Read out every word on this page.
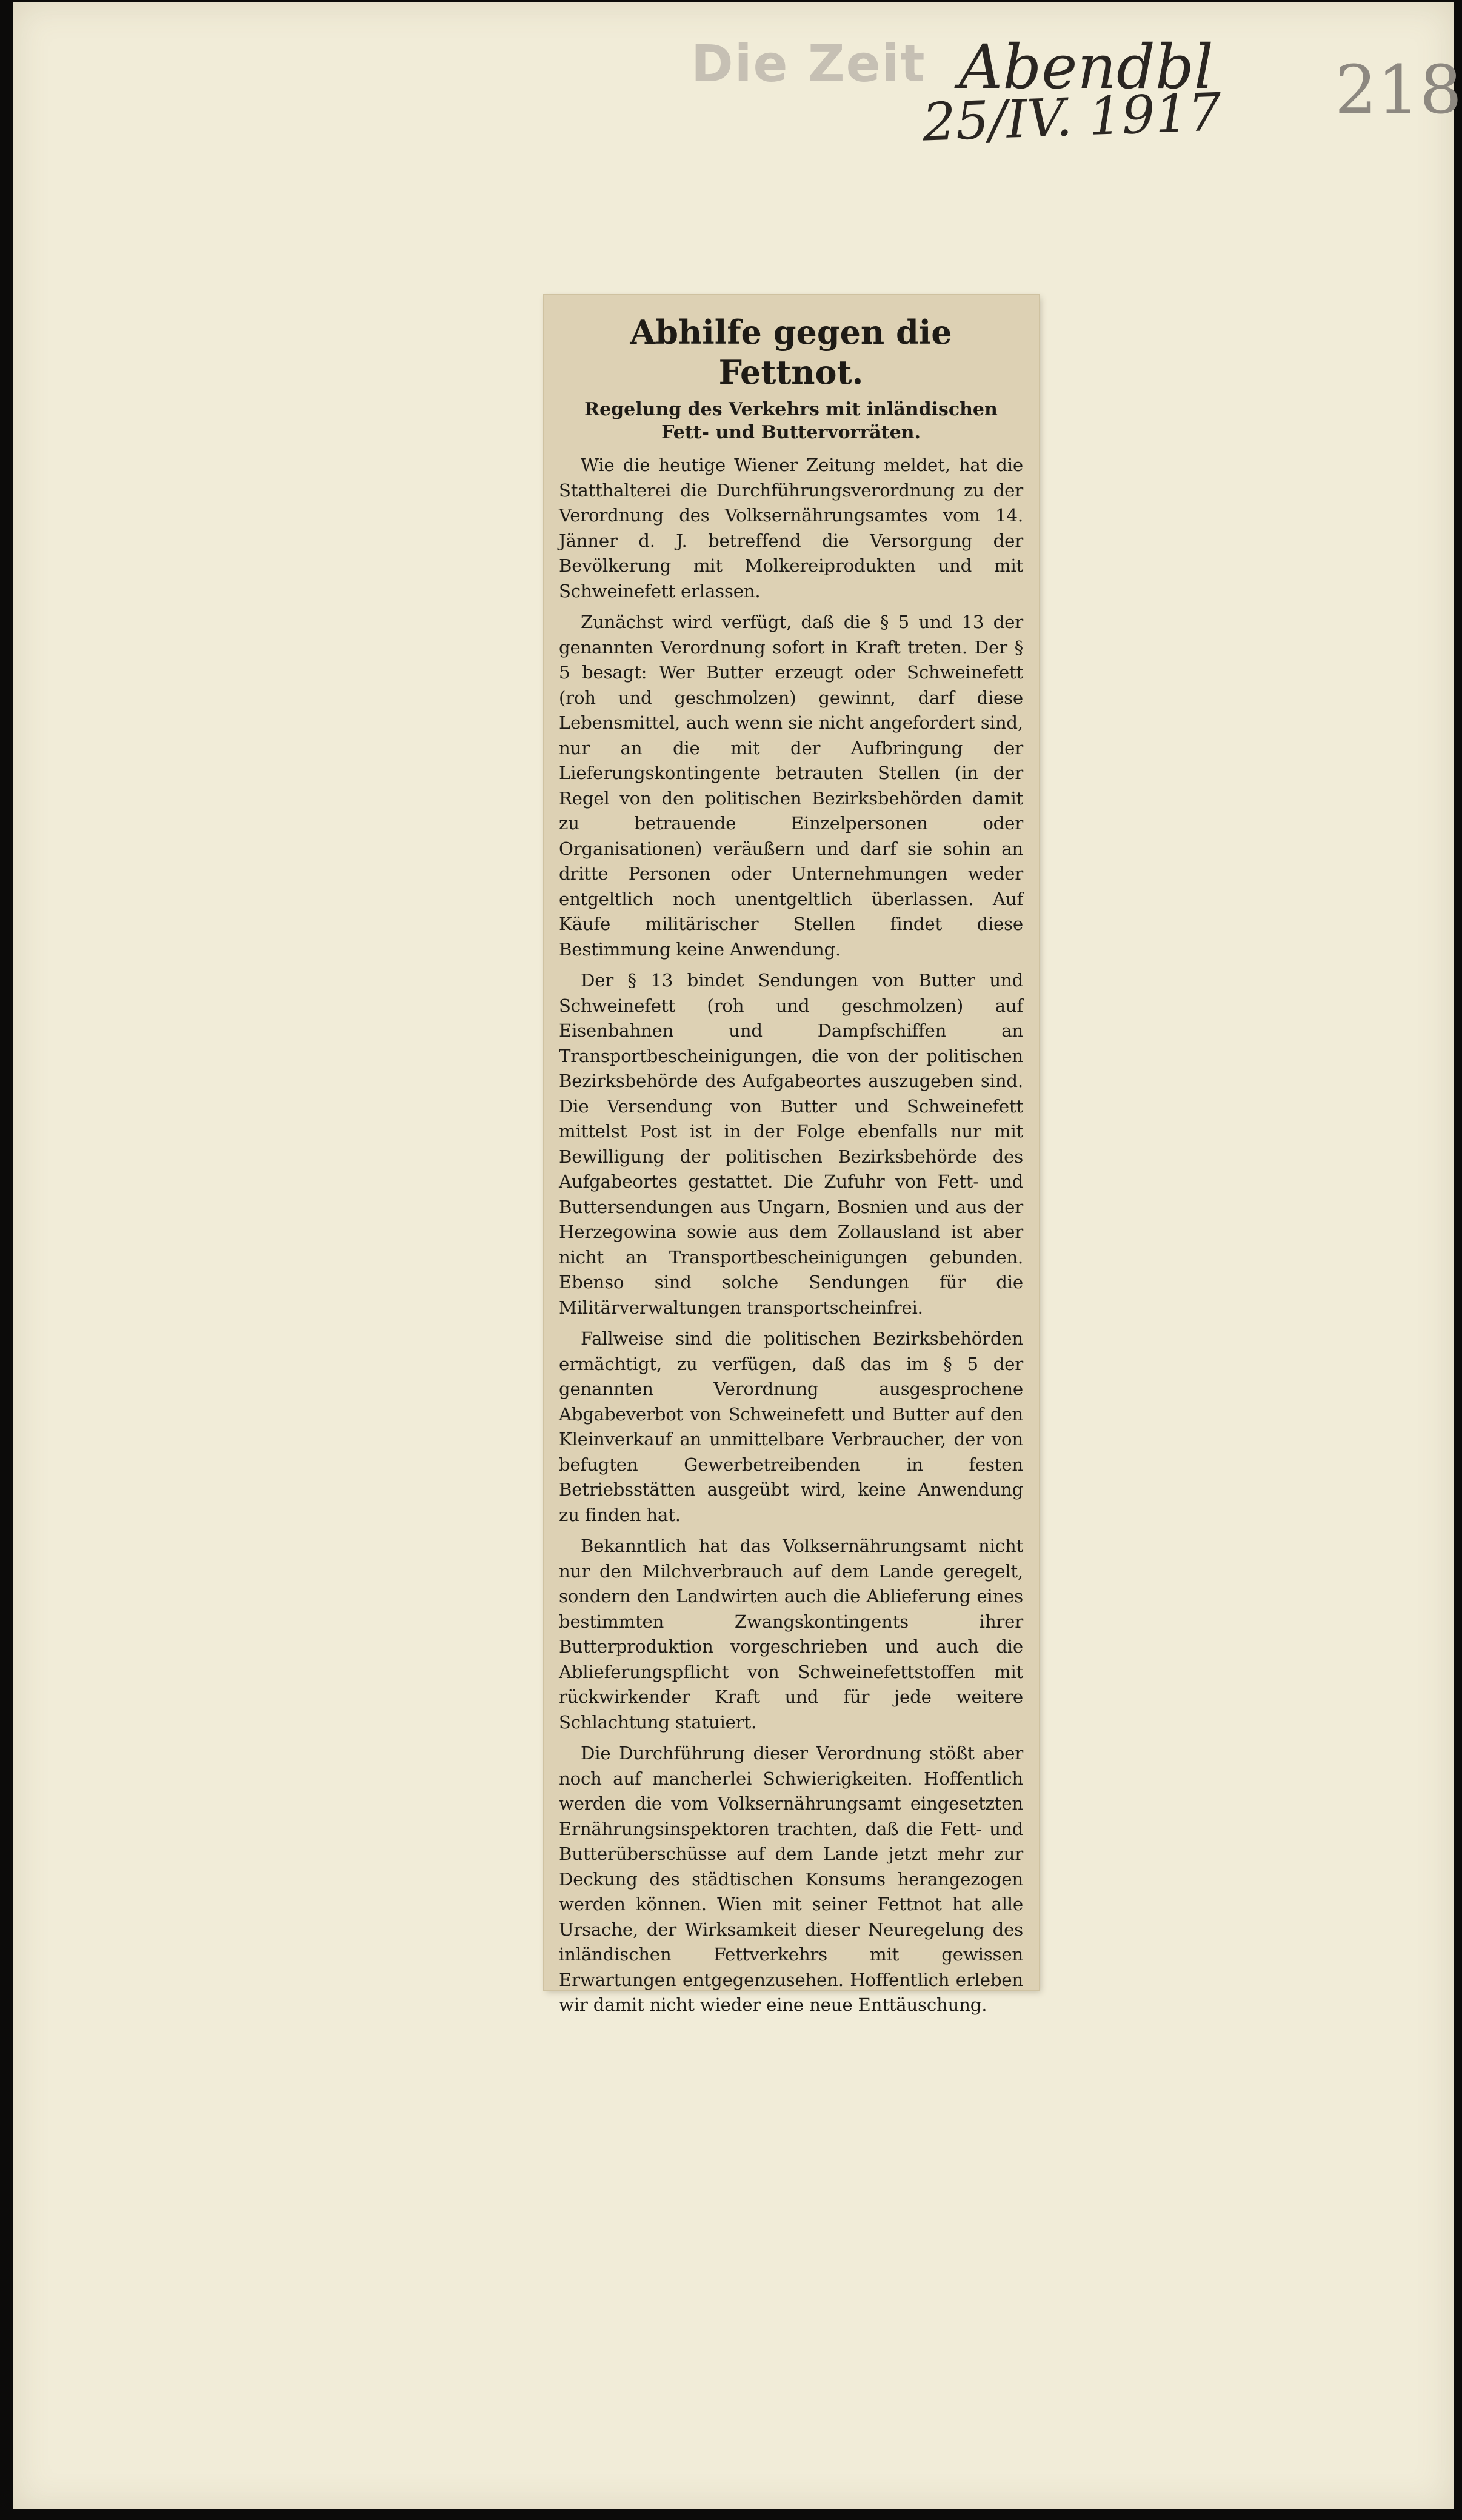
Die Zeit Abendbl
25/IV. 1917 218
Abhilfe gegen die Fettnot.
Regelung des Verkehrs mit inländischen Fett- und Buttervorräten.

Wie die heutige Wiener Zeitung meldet, hat die Statthalterei die Durchführungsverordnung zu der Verordnung des Volksernährungsamtes vom 14. Jänner d. J. betreffend die Versorgung der Bevölkerung mit Molkereiprodukten und mit Schweinefett erlassen.

Zunächst wird verfügt, daß die § 5 und 13 der genannten Verordnung sofort in Kraft treten. Der § 5 besagt: Wer Butter erzeugt oder Schweinefett (roh und geschmolzen) gewinnt, darf diese Lebensmittel, auch wenn sie nicht angefordert sind, nur an die mit der Aufbringung der Lieferungskontingente betrauten Stellen (in der Regel von den politischen Bezirksbehörden damit zu betrauende Einzelpersonen oder Organisationen) veräußern und darf sie sohin an dritte Personen oder Unternehmungen weder entgeltlich noch unentgeltlich überlassen. Auf Käufe militärischer Stellen findet diese Bestimmung keine Anwendung.

Der § 13 bindet Sendungen von Butter und Schweinefett (roh und geschmolzen) auf Eisenbahnen und Dampfschiffen an Transportbescheinigungen, die von der politischen Bezirksbehörde des Aufgabeortes auszugeben sind. Die Versendung von Butter und Schweinefett mittelst Post ist in der Folge ebenfalls nur mit Bewilligung der politischen Bezirksbehörde des Aufgabeortes gestattet. Die Zufuhr von Fett- und Buttersendungen aus Ungarn, Bosnien und aus der Herzegowina sowie aus dem Zollausland ist aber nicht an Transportbescheinigungen gebunden. Ebenso sind solche Sendungen für die Militärverwaltungen transportscheinfrei.

Fallweise sind die politischen Bezirksbehörden ermächtigt, zu verfügen, daß das im § 5 der genannten Verordnung ausgesprochene Abgabeverbot von Schweinefett und Butter auf den Kleinverkauf an unmittelbare Verbraucher, der von befugten Gewerbetreibenden in festen Betriebsstätten ausgeübt wird, keine Anwendung zu finden hat.

Bekanntlich hat das Volksernährungsamt nicht nur den Milchverbrauch auf dem Lande geregelt, sondern den Landwirten auch die Ablieferung eines bestimmten Zwangskontingents ihrer Butterproduktion vorgeschrieben und auch die Ablieferungspflicht von Schweinefettstoffen mit rückwirkender Kraft und für jede weitere Schlachtung statuiert.

Die Durchführung dieser Verordnung stößt aber noch auf mancherlei Schwierigkeiten. Hoffentlich werden die vom Volksernährungsamt eingesetzten Ernährungsinspektoren trachten, daß die Fett- und Butterüberschüsse auf dem Lande jetzt mehr zur Deckung des städtischen Konsums herangezogen werden können. Wien mit seiner Fettnot hat alle Ursache, der Wirksamkeit dieser Neuregelung des inländischen Fettverkehrs mit gewissen Erwartungen entgegenzusehen. Hoffentlich erleben wir damit nicht wieder eine neue Enttäuschung.
